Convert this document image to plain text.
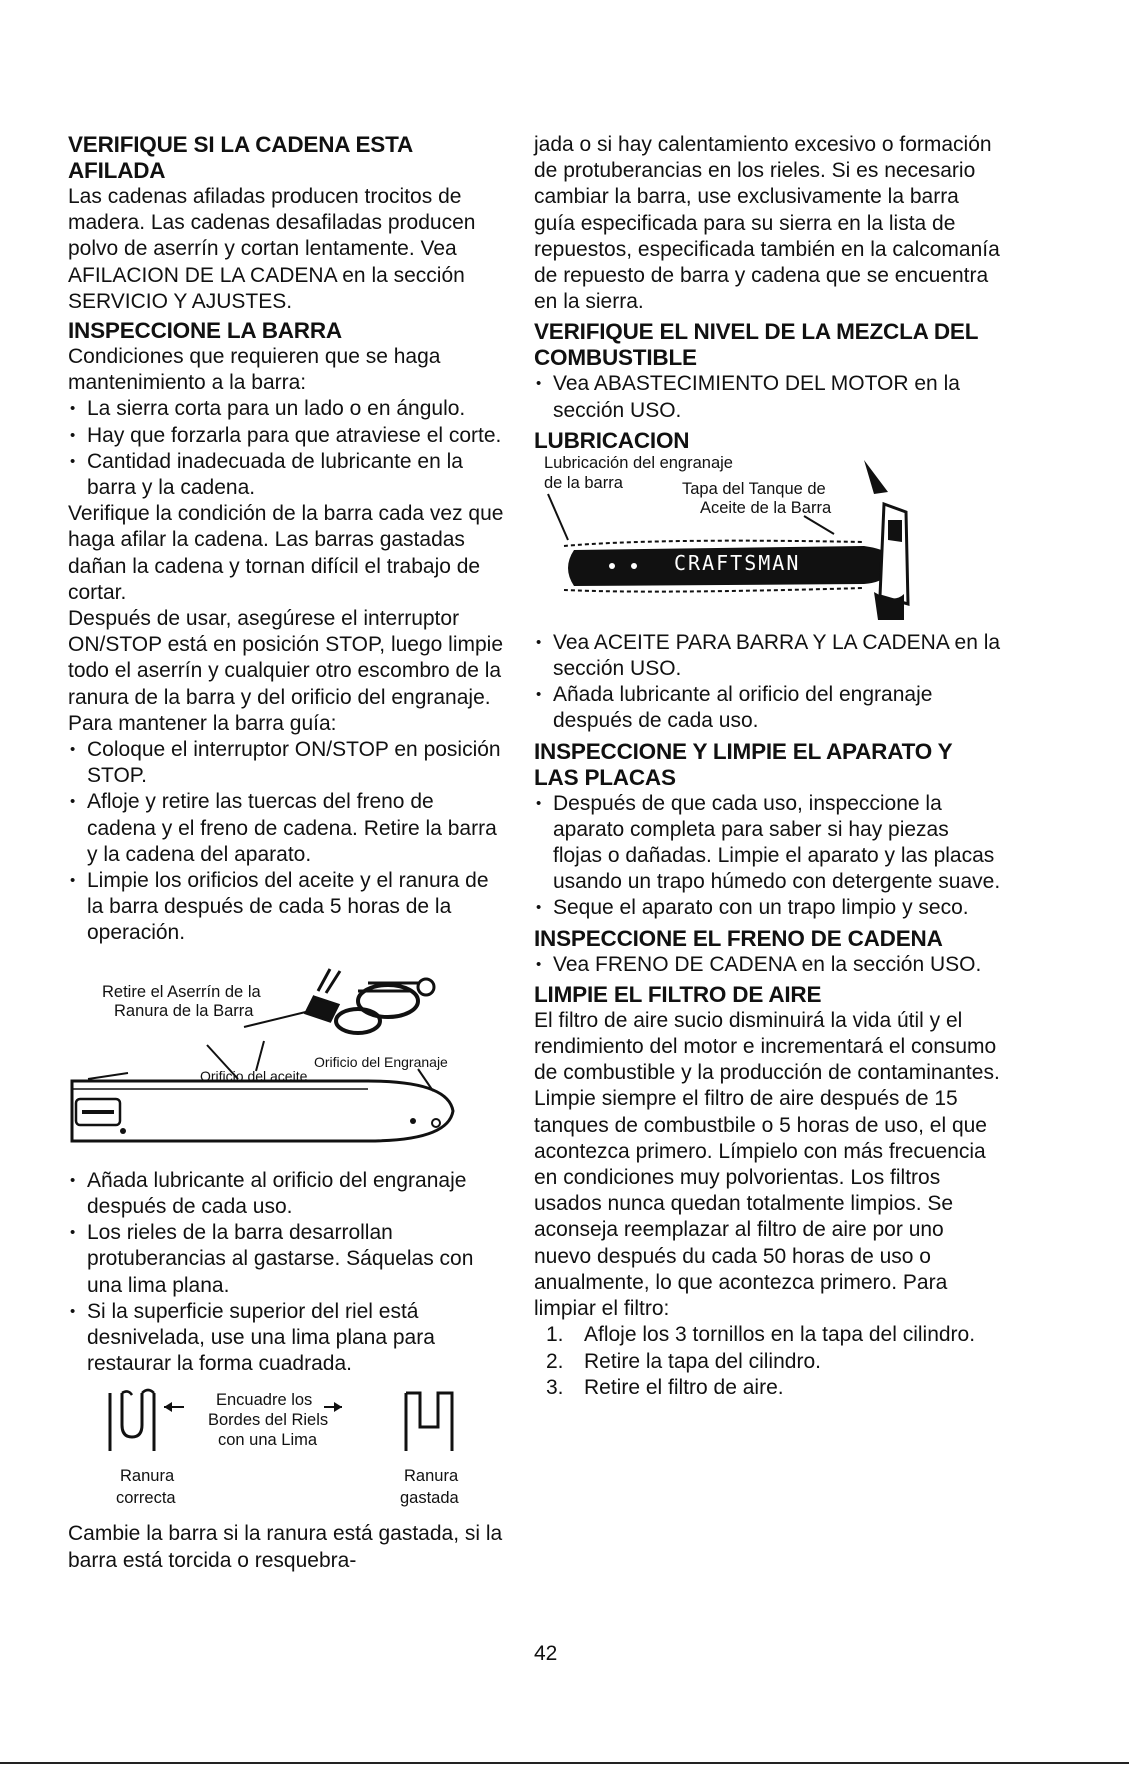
VERIFIQUE SI LA CADENA ESTA AFILADA

Las cadenas afiladas producen trocitos de madera. Las cadenas desafiladas producen polvo de aserrín y cortan lentamente. Vea AFILACION DE LA CADENA en la sección SERVICIO Y AJUSTES.

INSPECCIONE LA BARRA

Condiciones que requieren que se haga mantenimiento a la barra:

• La sierra corta para un lado o en ángulo.
• Hay que forzarla para que atraviese el corte.
• Cantidad inadecuada de lubricante en la barra y la cadena.

Verifique la condición de la barra cada vez que haga afilar la cadena. Las barras gastadas dañan la cadena y tornan difícil el trabajo de cortar.

Después de usar, asegúrese el interruptor ON/STOP está en posición STOP, luego limpie todo el aserrín y cualquier otro escombro de la ranura de la barra y del orificio del engranaje.

Para mantener la barra guía:

• Coloque el interruptor ON/STOP en posición STOP.
• Afloje y retire las tuercas del freno de cadena y el freno de cadena. Retire la barra y la cadena del aparato.
• Limpie los orificios del aceite y el ranura de la barra después de cada 5 horas de la operación.
Retire el Aserrín de la
Ranura de la Barra
Orificio del Engranaje
Orificio del aceite
• Añada lubricante al orificio del engranaje después de cada uso.
• Los rieles de la barra desarrollan protuberancias al gastarse. Sáquelas con una lima plana.
• Si la superficie superior del riel está desnivelada, use una lima plana para restaurar la forma cuadrada.
Encuadre los
Bordes del Riels
con una Lima
Ranura
correcta
Ranura
gastada

Cambie la barra si la ranura está gastada, si la barra está torcida o resquebra-

jada o si hay calentamiento excesivo o formación de protuberancias en los rieles. Si es necesario cambiar la barra, use exclusivamente la barra guía especificada para su sierra en la lista de repuestos, especificada también en la calcomanía de repuesto de barra y cadena que se encuentra en la sierra.

VERIFIQUE EL NIVEL DE LA MEZCLA DEL COMBUSTIBLE
• Vea ABASTECIMIENTO DEL MOTOR en la sección USO.
LUBRICACION
CRAFTSMAN
Lubricación del engranaje
de la barra	Tapa del Tanque de
Aceite de la Barra
• Vea ACEITE PARA BARRA Y LA CADENA en la sección USO.
• Añada lubricante al orificio del engranaje después de cada uso.
INSPECCIONE Y LIMPIE EL APARATO Y LAS PLACAS
• Después de que cada uso, inspeccione la aparato completa para saber si hay piezas flojas o dañadas. Limpie el aparato y las placas usando un trapo húmedo con detergente suave.
• Seque el aparato con un trapo limpio y seco.
INSPECCIONE EL FRENO DE CADENA
• Vea FRENO DE CADENA en la sección USO.
LIMPIE EL FILTRO DE AIRE

El filtro de aire sucio disminuirá la vida útil y el rendimiento del motor e incrementará el consumo de combustible y la producción de contaminantes. Limpie siempre el filtro de aire después de 15 tanques de combustbile o 5 horas de uso, el que acontezca primero. Límpielo con más frecuencia en condiciones muy polvorientas. Los filtros usados nunca quedan totalmente limpios. Se aconseja reemplazar al filtro de aire por uno nuevo después du cada 50 horas de uso o anualmente, lo que acontezca primero. Para limpiar el filtro:

1. Afloje los 3 tornillos en la tapa del cilindro.
2. Retire la tapa del cilindro.
3. Retire el filtro de aire.
42
